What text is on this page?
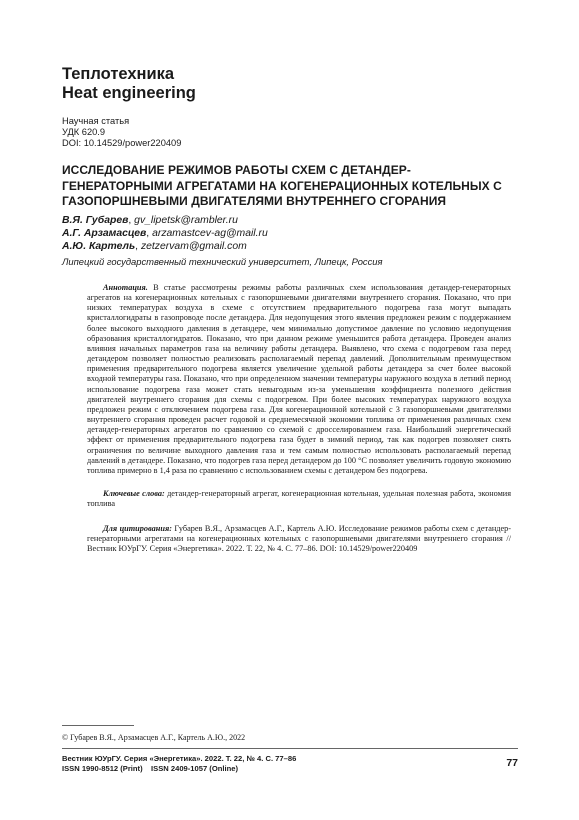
Теплотехника
Heat engineering
Научная статья
УДК 620.9
DOI: 10.14529/power220409
ИССЛЕДОВАНИЕ РЕЖИМОВ РАБОТЫ СХЕМ С ДЕТАНДЕР-ГЕНЕРАТОРНЫМИ АГРЕГАТАМИ НА КОГЕНЕРАЦИОННЫХ КОТЕЛЬНЫХ С ГАЗОПОРШНЕВЫМИ ДВИГАТЕЛЯМИ ВНУТРЕННЕГО СГОРАНИЯ
В.Я. Губарев, gv_lipetsk@rambler.ru
А.Г. Арзамасцев, arzamastcev-ag@mail.ru
А.Ю. Картель, zetzervam@gmail.com
Липецкий государственный технический университет, Липецк, Россия
Аннотация. В статье рассмотрены режимы работы различных схем использования детандер-генераторных агрегатов на когенерационных котельных с газопоршневыми двигателями внутреннего сгорания. Показано, что при низких температурах воздуха в схеме с отсутствием предварительного подогрева газа могут выпадать кристаллогидраты в газопроводе после детандера. Для недопущения этого явления предложен режим с поддержанием более высокого выходного давления в детандере, чем минимально допустимое давление по условию недопущения образования кристаллогидратов. Показано, что при данном режиме уменьшится работа детандера. Проведен анализ влияния начальных параметров газа на величину работы детандера. Выявлено, что схема с подогревом газа перед детандером позволяет полностью реализовать располагаемый перепад давлений. Дополнительным преимуществом применения предварительного подогрева является увеличение удельной работы детандера за счет более высокой входной температуры газа. Показано, что при определенном значении температуры наружного воздуха в летний период использование подогрева газа может стать невыгодным из-за уменьшения коэффициента полезного действия двигателей внутреннего сгорания для схемы с подогревом. При более высоких температурах наружного воздуха предложен режим с отключением подогрева газа. Для когенерационной котельной с 3 газопоршневыми двигателями внутреннего сгорания проведен расчет годовой и среднемесячной экономии топлива от применения различных схем детандер-генераторных агрегатов по сравнению со схемой с дросселированием газа. Наибольший энергетический эффект от применения предварительного подогрева газа будет в зимний период, так как подогрев позволяет снять ограничения по величине выходного давления газа и тем самым полностью использовать располагаемый перепад давлений в детандере. Показано, что подогрев газа перед детандером до 100 °С позволяет увеличить годовую экономию топлива примерно в 1,4 раза по сравнению с использованием схемы с детандером без подогрева.
Ключевые слова: детандер-генераторный агрегат, когенерационная котельная, удельная полезная работа, экономия топлива
Для цитирования: Губарев В.Я., Арзамасцев А.Г., Картель А.Ю. Исследование режимов работы схем с детандер-генераторными агрегатами на когенерационных котельных с газопоршневыми двигателями внутреннего сгорания // Вестник ЮУрГУ. Серия «Энергетика». 2022. Т. 22, № 4. С. 77–86. DOI: 10.14529/power220409
© Губарев В.Я., Арзамасцев А.Г., Картель А.Ю., 2022
Вестник ЮУрГУ. Серия «Энергетика». 2022. Т. 22, № 4. С. 77–86
ISSN 1990-8512 (Print)    ISSN 2409-1057 (Online)	77
